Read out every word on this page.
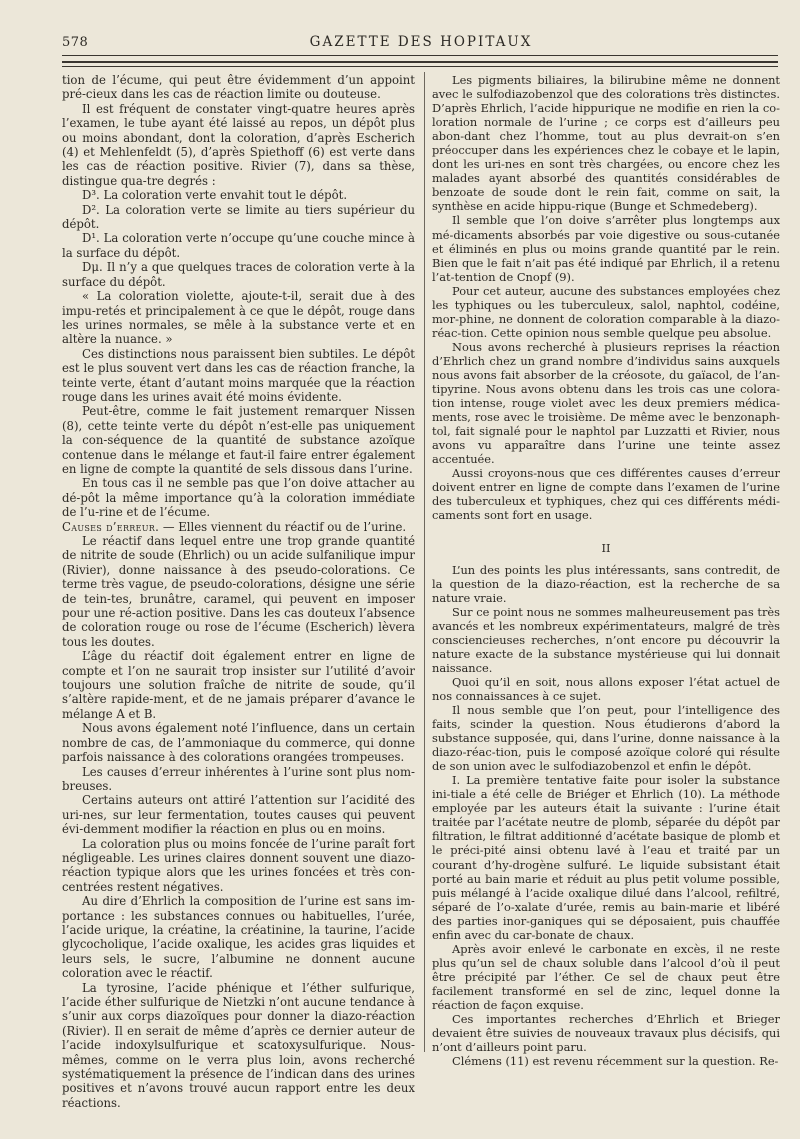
578	GAZETTE DES HOPITAUX

tion de l’écume, qui peut être évidemment d’un appoint pré-cieux dans les cas de réaction limite ou douteuse.

Il est fréquent de constater vingt-quatre heures après l’examen, le tube ayant été laissé au repos, un dépôt plus ou moins abondant, dont la coloration, d’après Escherich (4) et Mehlenfeldt (5), d’après Spiethoff (6) est verte dans les cas de réaction positive. Rivier (7), dans sa thèse, distingue qua-tre degrés :

D³. La coloration verte envahit tout le dépôt.

D². La coloration verte se limite au tiers supérieur du dépôt.

D¹. La coloration verte n’occupe qu’une couche mince à la surface du dépôt.

Dμ. Il n’y a que quelques traces de coloration verte à la surface du dépôt.

« La coloration violette, ajoute-t-il, serait due à des impu-retés et principalement à ce que le dépôt, rouge dans les urines normales, se mêle à la substance verte et en altère la nuance. »

Ces distinctions nous paraissent bien subtiles. Le dépôt est le plus souvent vert dans les cas de réaction franche, la teinte verte, étant d’autant moins marquée que la réaction rouge dans les urines avait été moins évidente.

Peut-être, comme le fait justement remarquer Nissen (8), cette teinte verte du dépôt n’est-elle pas uniquement la con-séquence de la quantité de substance azoïque contenue dans le mélange et faut-il faire entrer également en ligne de compte la quantité de sels dissous dans l’urine.

En tous cas il ne semble pas que l’on doive attacher au dé-pôt la même importance qu’à la coloration immédiate de l’u-rine et de l’écume.

Causes d’erreur. — Elles viennent du réactif ou de l’urine.

Le réactif dans lequel entre une trop grande quantité de nitrite de soude (Ehrlich) ou un acide sulfanilique impur (Rivier), donne naissance à des pseudo-colorations. Ce terme très vague, de pseudo-colorations, désigne une série de tein-tes, brunâtre, caramel, qui peuvent en imposer pour une ré-action positive. Dans les cas douteux l’absence de coloration rouge ou rose de l’écume (Escherich) lèvera tous les doutes.

L’âge du réactif doit également entrer en ligne de compte et l’on ne saurait trop insister sur l’utilité d’avoir toujours une solution fraîche de nitrite de soude, qu’il s’altère rapide-ment, et de ne jamais préparer d’avance le mélange A et B.

Nous avons également noté l’influence, dans un certain nombre de cas, de l’ammoniaque du commerce, qui donne parfois naissance à des colorations orangées trompeuses.

Les causes d’erreur inhérentes à l’urine sont plus nom-breuses.

Certains auteurs ont attiré l’attention sur l’acidité des uri-nes, sur leur fermentation, toutes causes qui peuvent évi-demment modifier la réaction en plus ou en moins.

La coloration plus ou moins foncée de l’urine paraît fort négligeable. Les urines claires donnent souvent une diazo-réaction typique alors que les urines foncées et très con-centrées restent négatives.

Au dire d’Ehrlich la composition de l’urine est sans im-portance : les substances connues ou habituelles, l’urée, l’acide urique, la créatine, la créatinine, la taurine, l’acide glycocholique, l’acide oxalique, les acides gras liquides et leurs sels, le sucre, l’albumine ne donnent aucune coloration avec le réactif.

La tyrosine, l’acide phénique et l’éther sulfurique, l’acide éther sulfurique de Nietzki n’ont aucune tendance à s’unir aux corps diazoïques pour donner la diazo-réaction (Rivier). Il en serait de même d’après ce dernier auteur de l’acide indoxylsulfurique et scatoxysulfurique. Nous-mêmes, comme on le verra plus loin, avons recherché systématiquement la présence de l’indican dans des urines positives et n’avons trouvé aucun rapport entre les deux réactions.

Les pigments biliaires, la bilirubine même ne donnent avec le sulfodiazobenzol que des colorations très distinctes. D’après Ehrlich, l’acide hippurique ne modifie en rien la co-loration normale de l’urine ; ce corps est d’ailleurs peu abon-dant chez l’homme, tout au plus devrait-on s’en préoccuper dans les expériences chez le cobaye et le lapin, dont les uri-nes en sont très chargées, ou encore chez les malades ayant absorbé des quantités considérables de benzoate de soude dont le rein fait, comme on sait, la synthèse en acide hippu-rique (Bunge et Schmedeberg).

Il semble que l’on doive s’arrêter plus longtemps aux mé-dicaments absorbés par voie digestive ou sous-cutanée et éliminés en plus ou moins grande quantité par le rein. Bien que le fait n’ait pas été indiqué par Ehrlich, il a retenu l’at-tention de Cnopf (9).

Pour cet auteur, aucune des substances employées chez les typhiques ou les tuberculeux, salol, naphtol, codéine, mor-phine, ne donnent de coloration comparable à la diazo-réac-tion. Cette opinion nous semble quelque peu absolue.

Nous avons recherché à plusieurs reprises la réaction d’Ehrlich chez un grand nombre d’individus sains auxquels nous avons fait absorber de la créosote, du gaïacol, de l’an-tipyrine. Nous avons obtenu dans les trois cas une colora-tion intense, rouge violet avec les deux premiers médica-ments, rose avec le troisième. De même avec le benzonaph-tol, fait signalé pour le naphtol par Luzzatti et Rivier, nous avons vu apparaître dans l’urine une teinte assez accentuée.

Aussi croyons-nous que ces différentes causes d’erreur doivent entrer en ligne de compte dans l’examen de l’urine des tuberculeux et typhiques, chez qui ces différents médi-caments sont fort en usage.

II

L’un des points les plus intéressants, sans contredit, de la question de la diazo-réaction, est la recherche de sa nature vraie.

Sur ce point nous ne sommes malheureusement pas très avancés et les nombreux expérimentateurs, malgré de très consciencieuses recherches, n’ont encore pu découvrir la nature exacte de la substance mystérieuse qui lui donnait naissance.

Quoi qu’il en soit, nous allons exposer l’état actuel de nos connaissances à ce sujet.

Il nous semble que l’on peut, pour l’intelligence des faits, scinder la question. Nous étudierons d’abord la substance supposée, qui, dans l’urine, donne naissance à la diazo-réac-tion, puis le composé azoïque coloré qui résulte de son union avec le sulfodiazobenzol et enfin le dépôt.

I. La première tentative faite pour isoler la substance ini-tiale a été celle de Briéger et Ehrlich (10). La méthode employée par les auteurs était la suivante : l’urine était traitée par l’acétate neutre de plomb, séparée du dépôt par filtration, le filtrat additionné d’acétate basique de plomb et le préci-pité ainsi obtenu lavé à l’eau et traité par un courant d’hy-drogène sulfuré. Le liquide subsistant était porté au bain marie et réduit au plus petit volume possible, puis mélangé à l’acide oxalique dilué dans l’alcool, refiltré, séparé de l’o-xalate d’urée, remis au bain-marie et libéré des parties inor-ganiques qui se déposaient, puis chauffée enfin avec du car-bonate de chaux.

Après avoir enlevé le carbonate en excès, il ne reste plus qu’un sel de chaux soluble dans l’alcool d’où il peut être précipité par l’éther. Ce sel de chaux peut être facilement transformé en sel de zinc, lequel donne la réaction de façon exquise.

Ces importantes recherches d’Ehrlich et Brieger devaient être suivies de nouveaux travaux plus décisifs, qui n’ont d’ailleurs point paru.

Clémens (11) est revenu récemment sur la question. Re-
